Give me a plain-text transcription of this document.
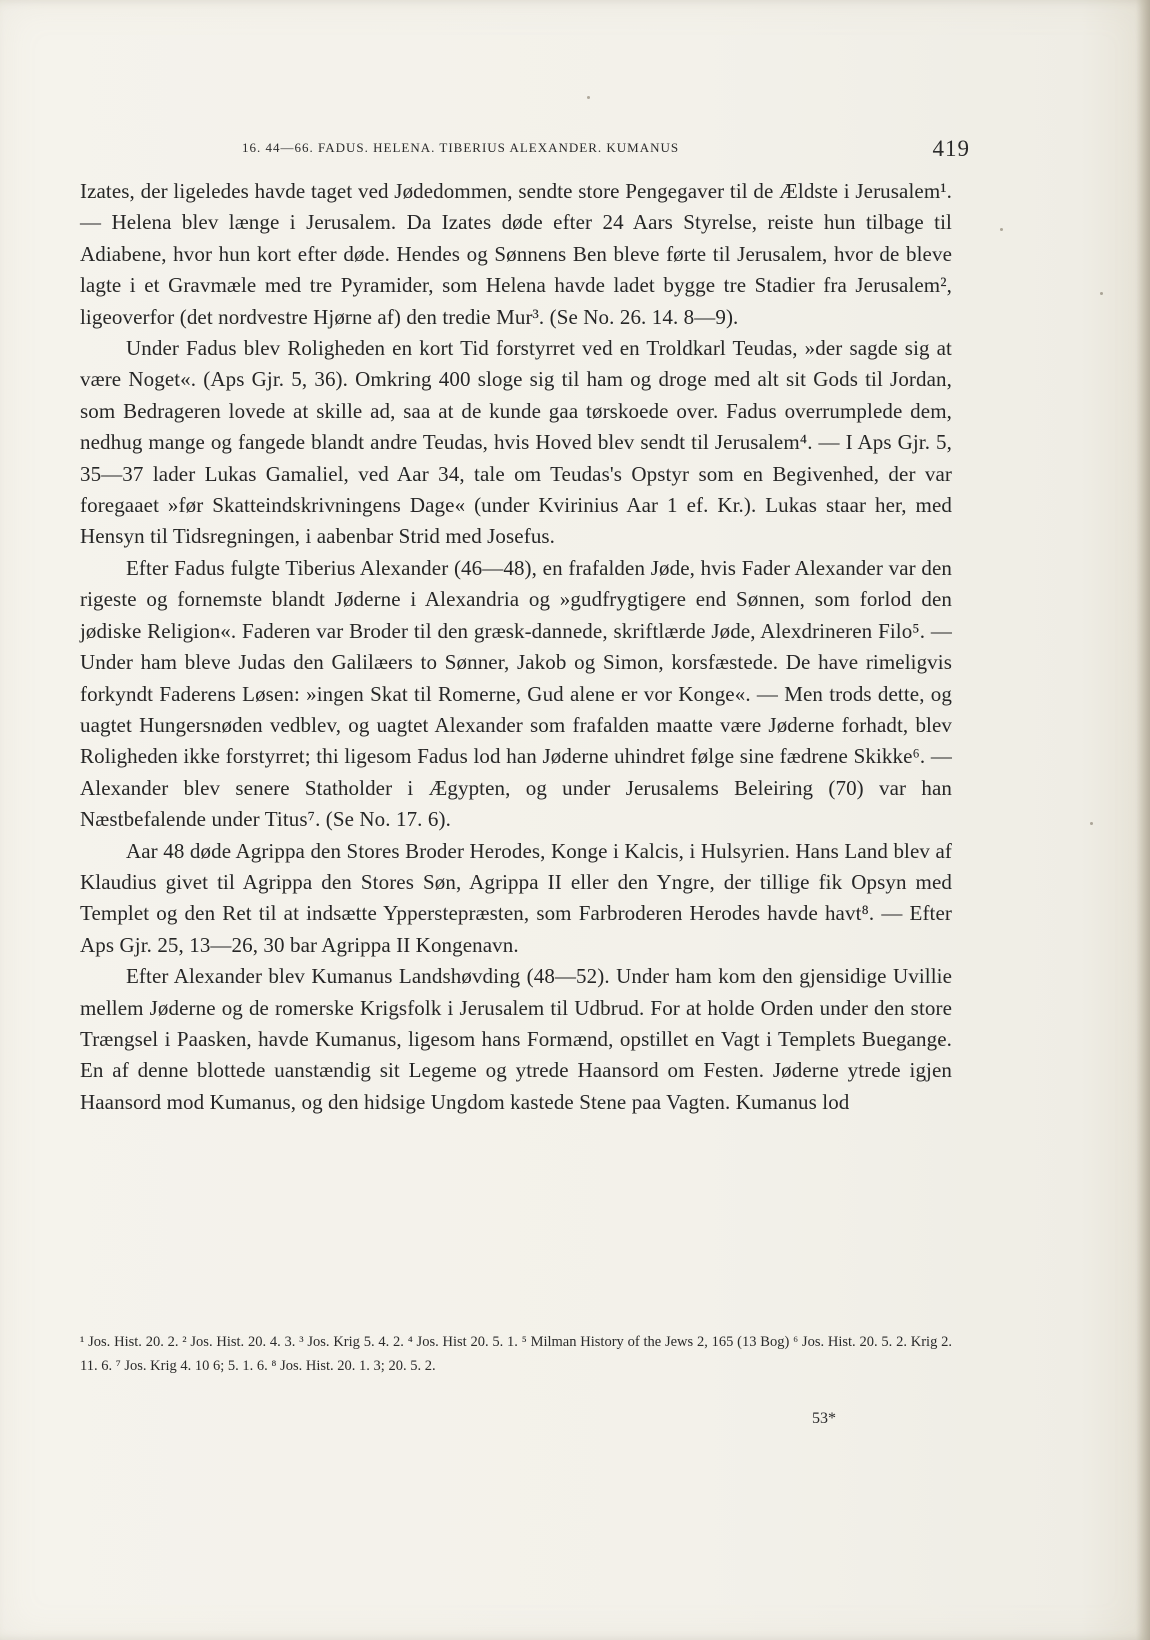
16. 44—66. FADUS. HELENA. TIBERIUS ALEXANDER. KUMANUS	419

Izates, der ligeledes havde taget ved Jødedommen, sendte store Pengegaver til de Ældste i Jerusalem¹. — Helena blev længe i Jerusalem. Da Izates døde efter 24 Aars Styrelse, reiste hun tilbage til Adiabene, hvor hun kort efter døde. Hendes og Sønnens Ben bleve førte til Jerusalem, hvor de bleve lagte i et Gravmæle med tre Pyramider, som Helena havde ladet bygge tre Stadier fra Jerusalem², ligeoverfor (det nordvestre Hjørne af) den tredie Mur³. (Se No. 26. 14. 8—9).

Under Fadus blev Roligheden en kort Tid forstyrret ved en Troldkarl Teudas, »der sagde sig at være Noget«. (Aps Gjr. 5, 36). Omkring 400 sloge sig til ham og droge med alt sit Gods til Jordan, som Bedrageren lovede at skille ad, saa at de kunde gaa tørskoede over. Fadus overrumplede dem, nedhug mange og fangede blandt andre Teudas, hvis Hoved blev sendt til Jerusalem⁴. — I Aps Gjr. 5, 35—37 lader Lukas Gamaliel, ved Aar 34, tale om Teudas's Opstyr som en Begivenhed, der var foregaaet »før Skatteindskrivningens Dage« (under Kvirinius Aar 1 ef. Kr.). Lukas staar her, med Hensyn til Tidsregningen, i aabenbar Strid med Josefus.

Efter Fadus fulgte Tiberius Alexander (46—48), en frafalden Jøde, hvis Fader Alexander var den rigeste og fornemste blandt Jøderne i Alexandria og »gudfrygtigere end Sønnen, som forlod den jødiske Religion«. Faderen var Broder til den græsk-dannede, skriftlærde Jøde, Alexdrineren Filo⁵. — Under ham bleve Judas den Galilæers to Sønner, Jakob og Simon, korsfæstede. De have rimeligvis forkyndt Faderens Løsen: »ingen Skat til Romerne, Gud alene er vor Konge«. — Men trods dette, og uagtet Hungersnøden vedblev, og uagtet Alexander som frafalden maatte være Jøderne forhadt, blev Roligheden ikke forstyrret; thi ligesom Fadus lod han Jøderne uhindret følge sine fædrene Skikke⁶. — Alexander blev senere Statholder i Ægypten, og under Jerusalems Beleiring (70) var han Næstbefalende under Titus⁷. (Se No. 17. 6).

Aar 48 døde Agrippa den Stores Broder Herodes, Konge i Kalcis, i Hulsyrien. Hans Land blev af Klaudius givet til Agrippa den Stores Søn, Agrippa II eller den Yngre, der tillige fik Opsyn med Templet og den Ret til at indsætte Ypperstepræsten, som Farbroderen Herodes havde havt⁸. — Efter Aps Gjr. 25, 13—26, 30 bar Agrippa II Kongenavn.

Efter Alexander blev Kumanus Landshøvding (48—52). Under ham kom den gjensidige Uvillie mellem Jøderne og de romerske Krigsfolk i Jerusalem til Udbrud. For at holde Orden under den store Trængsel i Paasken, havde Kumanus, ligesom hans Formænd, opstillet en Vagt i Templets Buegange. En af denne blottede uanstændig sit Legeme og ytrede Haansord om Festen. Jøderne ytrede igjen Haansord mod Kumanus, og den hidsige Ungdom kastede Stene paa Vagten. Kumanus lod

¹ Jos. Hist. 20. 2. ² Jos. Hist. 20. 4. 3. ³ Jos. Krig 5. 4. 2. ⁴ Jos. Hist 20. 5. 1. ⁵ Milman History of the Jews 2, 165 (13 Bog) ⁶ Jos. Hist. 20. 5. 2. Krig 2. 11. 6. ⁷ Jos. Krig 4. 10 6; 5. 1. 6. ⁸ Jos. Hist. 20. 1. 3; 20. 5. 2.
53*
